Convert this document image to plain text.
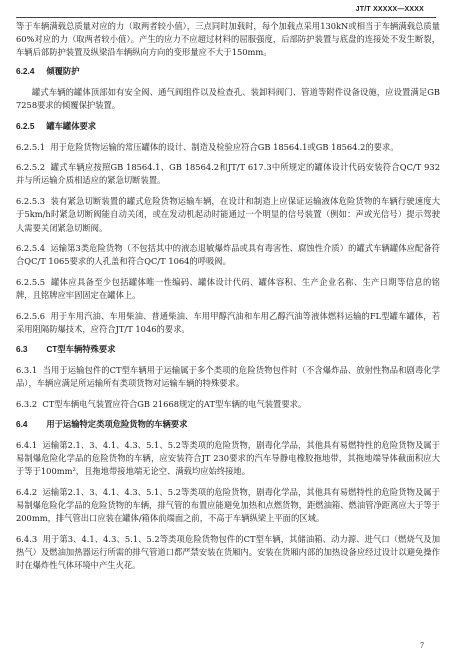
JT/T XXXXX—XXXX

等于车辆满载总质量对应的力（取两者较小值），三点同时加载时，每个加载点采用130kN或相当于车辆满载总质量60%对应的力（取两者较小值）。产生的应力不应超过材料的屈服强度，后部防护装置与底盘的连接处不发生断裂，车辆后部防护装置及纵梁沿车辆纵向方向的变形量应不大于150mm。

6.2.4 倾覆防护

罐式车辆的罐体顶部如有安全阀、通气阀组件以及检查孔、装卸料阀门、管道等附件设备设施，应设置满足GB 7258要求的倾覆保护装置。

6.2.5 罐车罐体要求

6.2.5.1 用于危险货物运输的常压罐体的设计、制造及检验应符合GB 18564.1或GB 18564.2的要求。

6.2.5.2 罐式车辆应按照GB 18564.1、GB 18564.2和JT/T 617.3中所规定的罐体设计代码安装符合QC/T 932并与所运输介质相适应的紧急切断装置。

6.2.5.3 装有紧急切断装置的罐式危险货物运输车辆，在设计和制造上应保证运输液体危险货物的车辆行驶速度大于5km/h时紧急切断阀能自动关闭，或在发动机起动时能通过一个明显的信号装置（例如：声或光信号）提示驾驶人需要关闭紧急切断阀。

6.2.5.4 运输第3类危险货物（不包括其中的液态退敏爆炸品或具有毒害性、腐蚀性介质）的罐式车辆罐体应配备符合QC/T 1065要求的人孔盖和符合QC/T 1064的呼吸阀。

6.2.5.5 罐体应具备至少包括罐体唯一性编码、罐体设计代码、罐体容积、生产企业名称、生产日期等信息的铭牌，且铭牌应牢固固定在罐体上。

6.2.5.6 用于车用汽油、车用柴油、普通柴油、车用甲醇汽油和车用乙醇汽油等液体燃料运输的FL型罐车罐体，若采用阻隔防爆技术，应符合JT/T 1046的要求。

6.3 CT型车辆特殊要求

6.3.1 当用于运输包件的CT型车辆用于运输属于多个类项的危险货物包件时（不含爆炸品、放射性物品和剧毒化学品），车辆应满足所运输所有类项货物对运输车辆的特殊要求。

6.3.2 CT型车辆电气装置应符合GB 21668规定的AT型车辆的电气装置要求。

6.4 用于运输特定类项危险货物的车辆要求

6.4.1 运输第2.1、3、4.1、4.3、5.1、5.2等类项的危险货物，剧毒化学品，其他具有易燃特性的危险货物及属于易制爆危险化学品的危险货物的车辆，应安装符合JT 230要求的汽车导静电橡胶拖地带，其拖地端导体截面积应大于等于100mm²，且拖地带接地端无论空、满载均应始终接地。

6.4.2 运输第2.1、3、4.1、4.3、5.1、5.2等类项的危险货物，剧毒化学品，其他具有易燃特性的危险货物及属于易制爆危险化学品的危险货物的车辆，排气管的布置应能避免加热和点燃货物，距燃油箱、燃油管净距离应大于等于200mm，排气管出口应装在罐体/箱体前端面之前，不高于车辆纵梁上平面的区域。

6.4.3 用于第3、4.1、4.3、5.1、5.2等类项危险货物包件的CT型车辆，其储油箱、动力源、进气口（燃烧气及加热气）及燃油加热器运行所需的排气管道口都严禁安装在货厢内。安装在货厢内部的加热设备应经过设计以避免操作时在爆炸性气体环境中产生火花。

7
